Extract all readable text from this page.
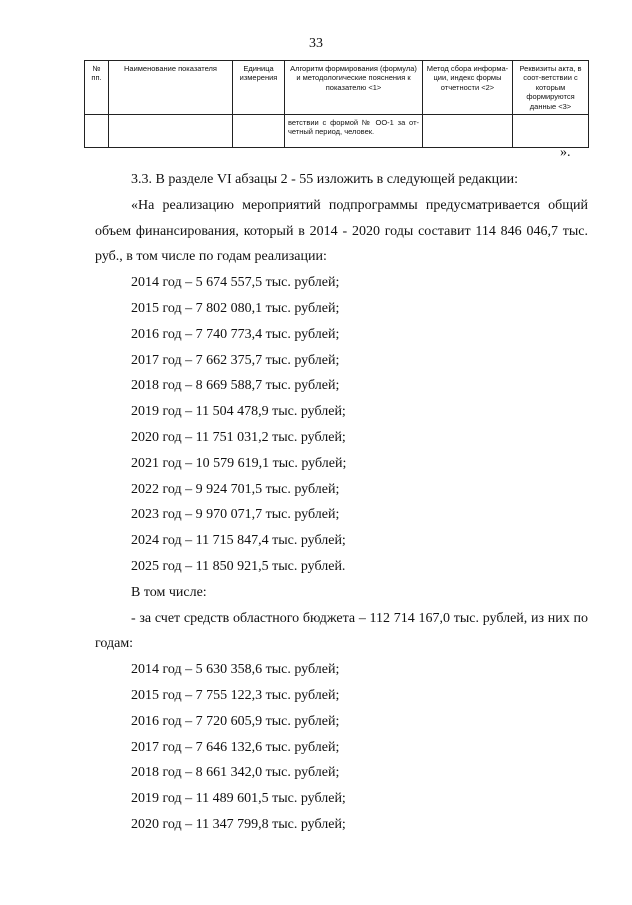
33
№ пп.	Наименование показателя	Единица измерения	Алгоритм формирования (формула) и методологические пояснения к показателю <1>	Метод сбора информа-ции, индекс формы отчетности <2>	Реквизиты акта, в соот-ветствии с которым формируются данные <3>
			ветствии с формой № ОО-1 за от-четный период, человек.		
».

3.3. В разделе VI абзацы 2 - 55 изложить в следующей редакции:

«На реализацию мероприятий подпрограммы предусматривается общий объем финансирования, который в 2014 - 2020 годы составит 114 846 046,7 тыс. руб., в том числе по годам реализации:

2014 год – 5 674 557,5 тыс. рублей;

2015 год – 7 802 080,1 тыс. рублей;

2016 год – 7 740 773,4 тыс. рублей;

2017 год – 7 662 375,7 тыс. рублей;

2018 год – 8 669 588,7 тыс. рублей;

2019 год – 11 504 478,9 тыс. рублей;

2020 год – 11 751 031,2 тыс. рублей;

2021 год – 10 579 619,1 тыс. рублей;

2022 год – 9 924 701,5 тыс. рублей;

2023 год – 9 970 071,7 тыс. рублей;

2024 год – 11 715 847,4 тыс. рублей;

2025 год – 11 850 921,5 тыс. рублей.

В том числе:

- за счет средств областного бюджета – 112 714 167,0 тыс. рублей, из них по годам:

2014 год – 5 630 358,6 тыс. рублей;

2015 год – 7 755 122,3 тыс. рублей;

2016 год – 7 720 605,9 тыс. рублей;

2017 год – 7 646 132,6 тыс. рублей;

2018 год – 8 661 342,0 тыс. рублей;

2019 год – 11 489 601,5 тыс. рублей;

2020 год – 11 347 799,8 тыс. рублей;
